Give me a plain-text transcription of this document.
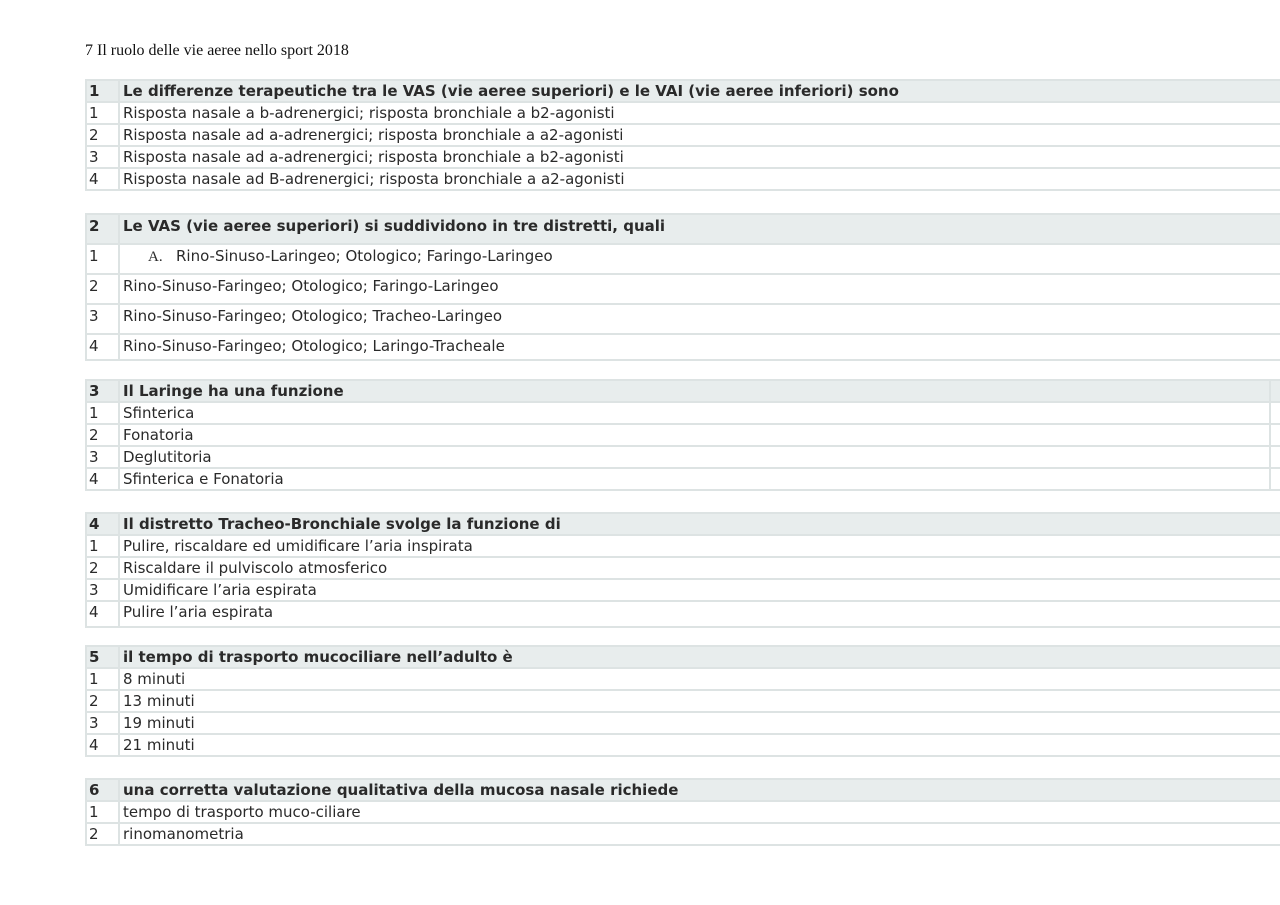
7 Il ruolo delle vie aeree nello sport 2018
1	Le differenze terapeutiche tra le VAS (vie aeree superiori) e le VAI (vie aeree inferiori) sono
1	Risposta nasale a b-adrenergici; risposta bronchiale a b2-agonisti
2	Risposta nasale ad a-adrenergici; risposta bronchiale a a2-agonisti
3	Risposta nasale ad a-adrenergici; risposta bronchiale a b2-agonisti
4	Risposta nasale ad B-adrenergici; risposta bronchiale a a2-agonisti
2	Le VAS (vie aeree superiori) si suddividono in tre distretti, quali
1	A. Rino-Sinuso-Laringeo; Otologico; Faringo-Laringeo
2	Rino-Sinuso-Faringeo; Otologico; Faringo-Laringeo
3	Rino-Sinuso-Faringeo; Otologico; Tracheo-Laringeo
4	Rino-Sinuso-Faringeo; Otologico; Laringo-Tracheale
3	Il Laringe ha una funzione
1	Sfinterica
2	Fonatoria
3	Deglutitoria
4	Sfinterica e Fonatoria
4	Il distretto Tracheo-Bronchiale svolge la funzione di
1	Pulire, riscaldare ed umidificare l’aria inspirata
2	Riscaldare il pulviscolo atmosferico
3	Umidificare l’aria espirata
4	Pulire l’aria espirata
5	il tempo di trasporto mucociliare nell’adulto è
1	8 minuti
2	13 minuti
3	19 minuti
4	21 minuti
6	una corretta valutazione qualitativa della mucosa nasale richiede
1	tempo di trasporto muco-ciliare
2	rinomanometria
